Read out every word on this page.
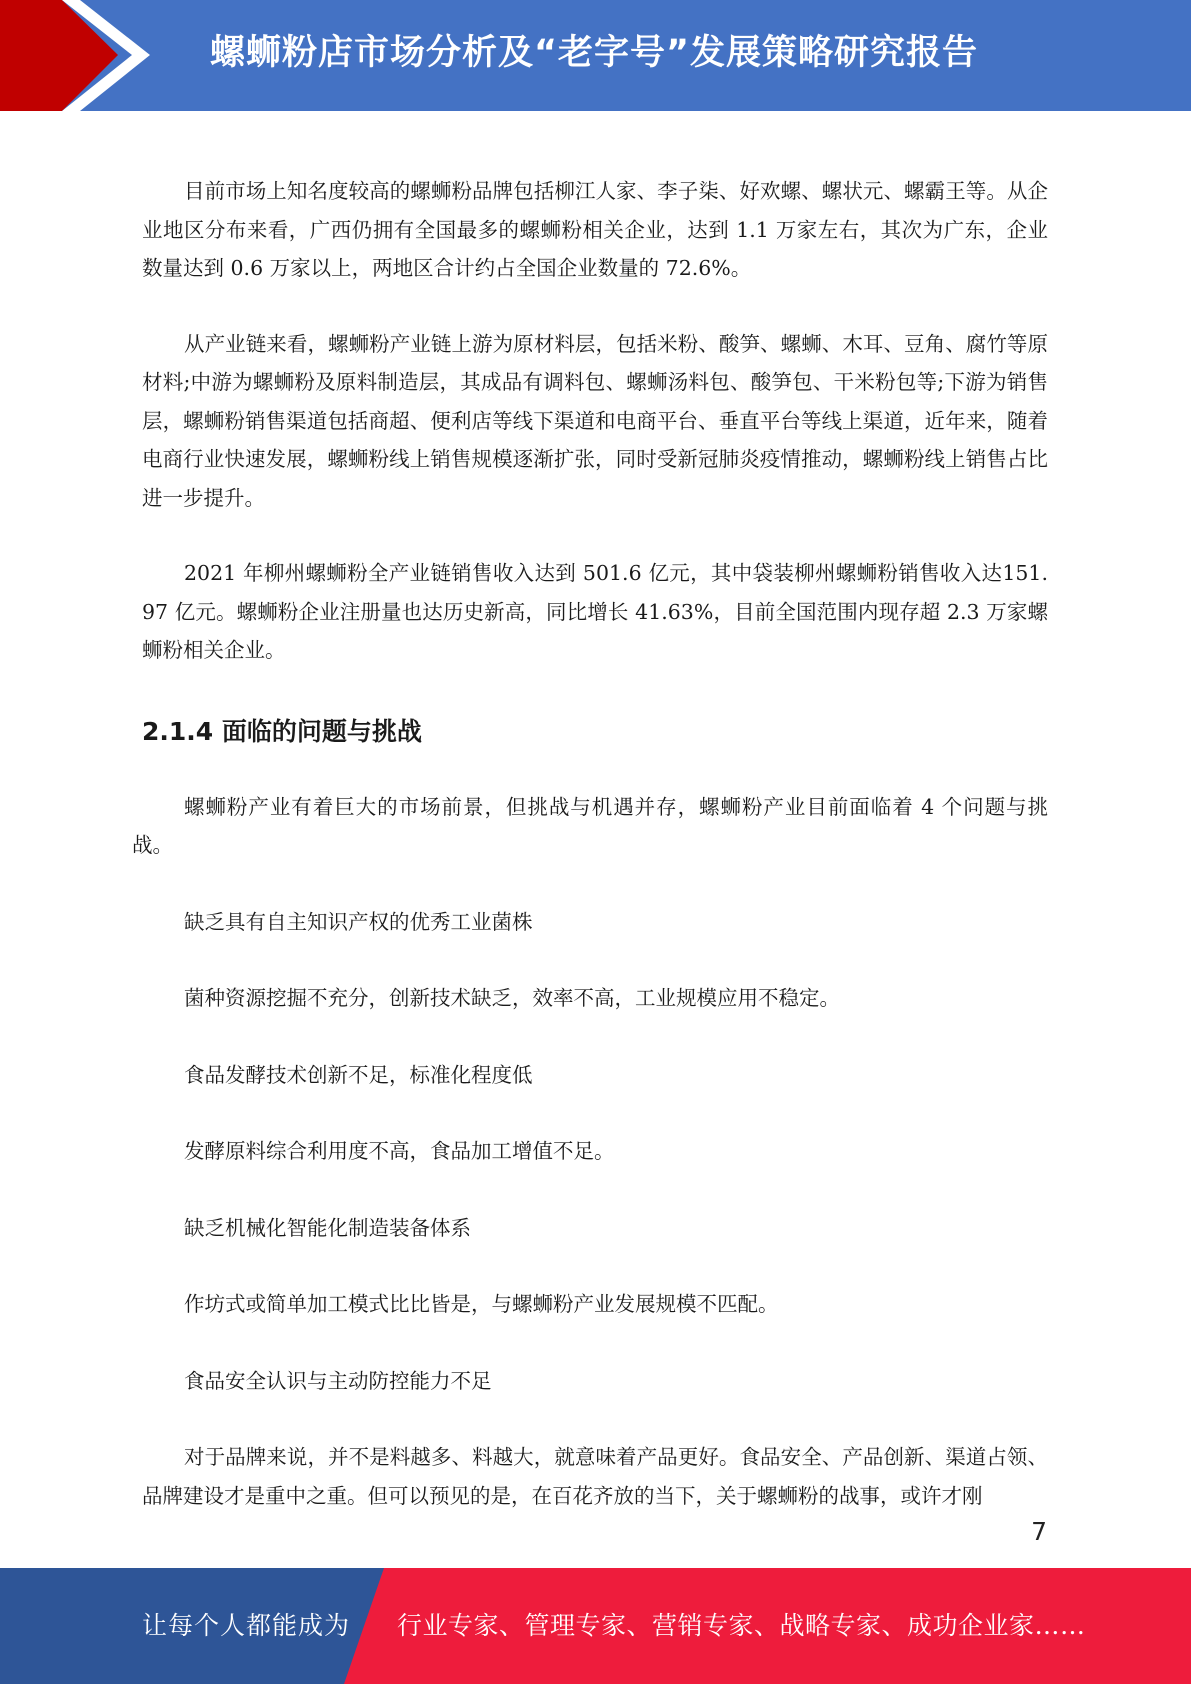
螺蛳粉店市场分析及“老字号”发展策略研究报告

目前市场上知名度较高的螺蛳粉品牌包括柳江人家、李子柒、好欢螺、螺状元、螺霸王等。从企业地区分布来看，广西仍拥有全国最多的螺蛳粉相关企业，达到 1.1 万家左右，其次为广东，企业数量达到 0.6 万家以上，两地区合计约占全国企业数量的 72.6%。

从产业链来看，螺蛳粉产业链上游为原材料层，包括米粉、酸笋、螺蛳、木耳、豆角、腐竹等原材料;中游为螺蛳粉及原料制造层，其成品有调料包、螺蛳汤料包、酸笋包、干米粉包等;下游为销售层，螺蛳粉销售渠道包括商超、便利店等线下渠道和电商平台、垂直平台等线上渠道，近年来，随着电商行业快速发展，螺蛳粉线上销售规模逐渐扩张，同时受新冠肺炎疫情推动，螺蛳粉线上销售占比进一步提升。

2021 年柳州螺蛳粉全产业链销售收入达到 501.6 亿元，其中袋装柳州螺蛳粉销售收入达151.97 亿元。螺蛳粉企业注册量也达历史新高，同比增长 41.63%，目前全国范围内现存超 2.3 万家螺蛳粉相关企业。

2.1.4 面临的问题与挑战

螺蛳粉产业有着巨大的市场前景，但挑战与机遇并存，螺蛳粉产业目前面临着 4 个问题与挑战。

缺乏具有自主知识产权的优秀工业菌株

菌种资源挖掘不充分，创新技术缺乏，效率不高，工业规模应用不稳定。

食品发酵技术创新不足，标准化程度低

发酵原料综合利用度不高，食品加工增值不足。

缺乏机械化智能化制造装备体系

作坊式或简单加工模式比比皆是，与螺蛳粉产业发展规模不匹配。

食品安全认识与主动防控能力不足

对于品牌来说，并不是料越多、料越大，就意味着产品更好。食品安全、产品创新、渠道占领、品牌建设才是重中之重。但可以预见的是，在百花齐放的当下，关于螺蛳粉的战事，或许才刚

7
让每个人都能成为 行业专家、管理专家、营销专家、战略专家、成功企业家……
